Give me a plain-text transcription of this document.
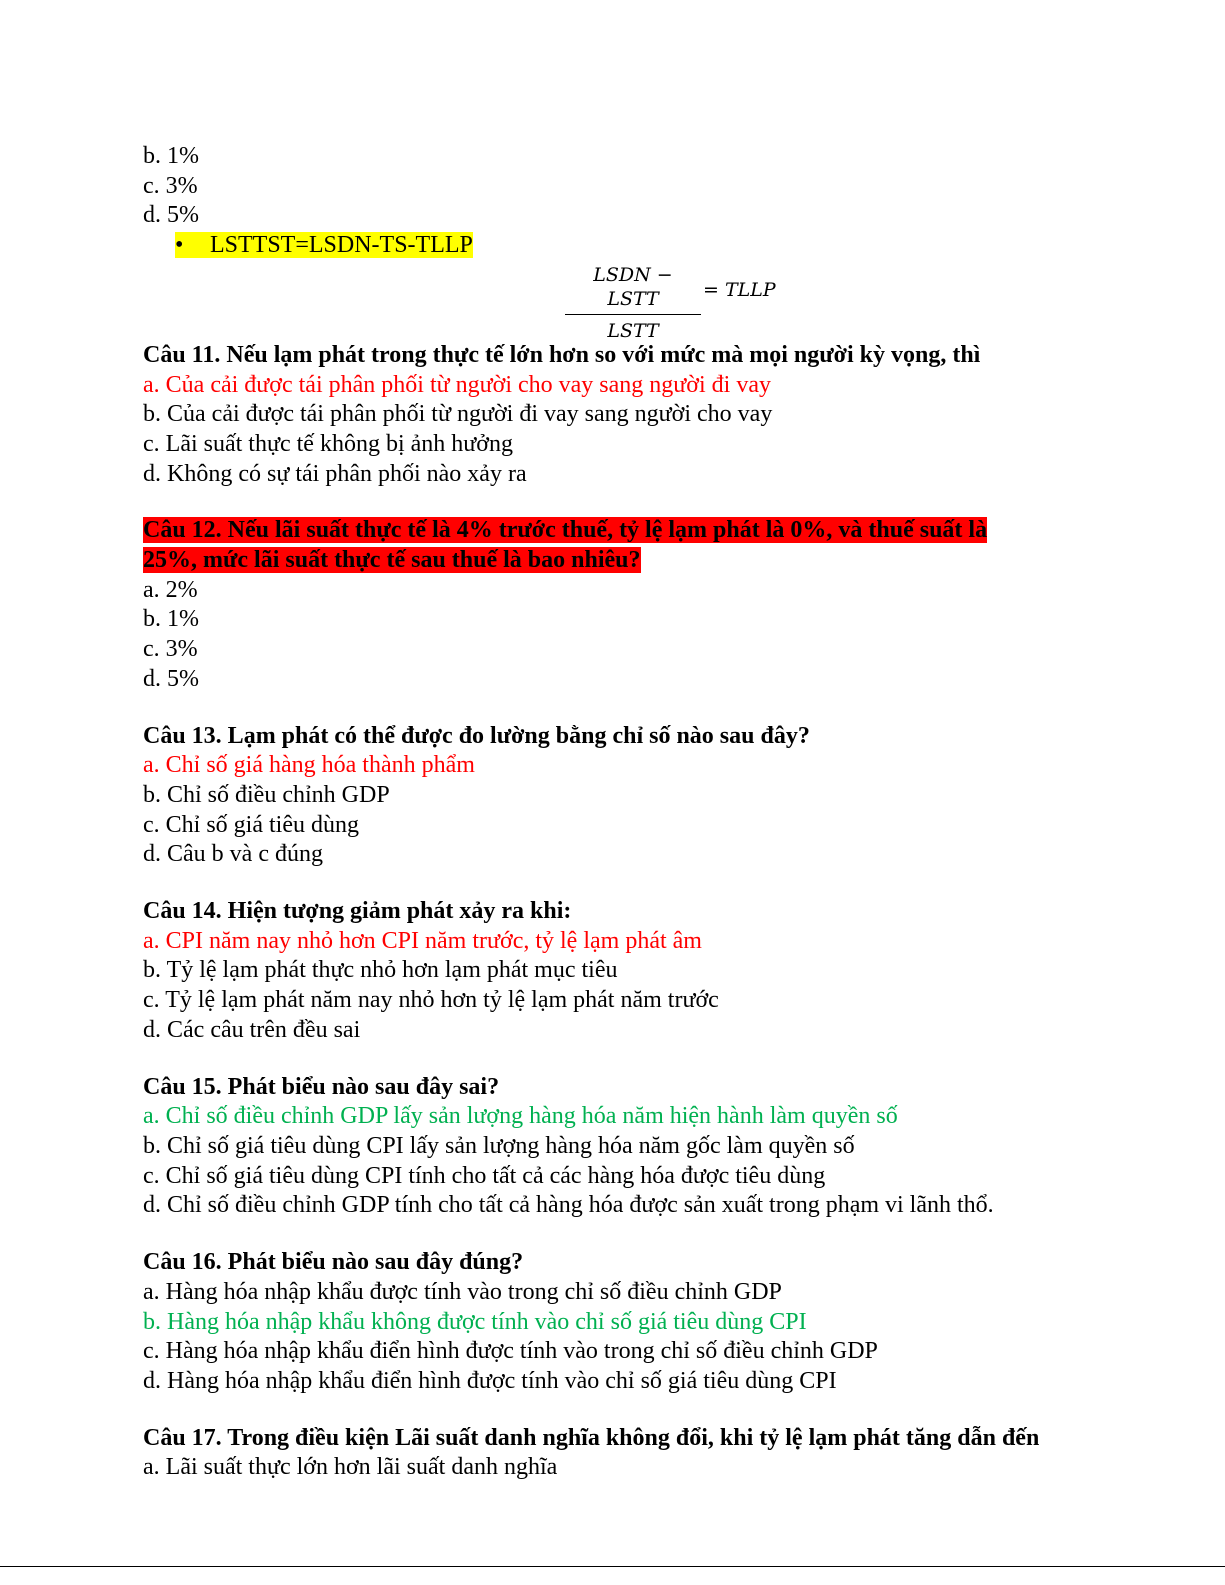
b. 1%
c. 3%
d. 5%
• LSTTST=LSDN-TS-TLLP
LSDN − LSTT
LSTT
= TLLP
Câu 11. Nếu lạm phát trong thực tế lớn hơn so với mức mà mọi người kỳ vọng, thì
a. Của cải được tái phân phối từ người cho vay sang người đi vay
b. Của cải được tái phân phối từ người đi vay sang người cho vay
c. Lãi suất thực tế không bị ảnh hưởng
d. Không có sự tái phân phối nào xảy ra
Câu 12. Nếu lãi suất thực tế là 4% trước thuế, tỷ lệ lạm phát là 0%, và thuế suất là
25%, mức lãi suất thực tế sau thuế là bao nhiêu?
a. 2%
b. 1%
c. 3%
d. 5%
Câu 13. Lạm phát có thể được đo lường bằng chỉ số nào sau đây?
a. Chỉ số giá hàng hóa thành phẩm
b. Chỉ số điều chỉnh GDP
c. Chỉ số giá tiêu dùng
d. Câu b và c đúng
Câu 14. Hiện tượng giảm phát xảy ra khi:
a. CPI năm nay nhỏ hơn CPI năm trước, tỷ lệ lạm phát âm
b. Tỷ lệ lạm phát thực nhỏ hơn lạm phát mục tiêu
c. Tỷ lệ lạm phát năm nay nhỏ hơn tỷ lệ lạm phát năm trước
d. Các câu trên đều sai
Câu 15. Phát biểu nào sau đây sai?
a. Chỉ số điều chỉnh GDP lấy sản lượng hàng hóa năm hiện hành làm quyền số
b. Chỉ số giá tiêu dùng CPI lấy sản lượng hàng hóa năm gốc làm quyền số
c. Chỉ số giá tiêu dùng CPI tính cho tất cả các hàng hóa được tiêu dùng
d. Chỉ số điều chỉnh GDP tính cho tất cả hàng hóa được sản xuất trong phạm vi lãnh thổ.
Câu 16. Phát biểu nào sau đây đúng?
a. Hàng hóa nhập khẩu được tính vào trong chỉ số điều chỉnh GDP
b. Hàng hóa nhập khẩu không được tính vào chỉ số giá tiêu dùng CPI
c. Hàng hóa nhập khẩu điển hình được tính vào trong chỉ số điều chỉnh GDP
d. Hàng hóa nhập khẩu điển hình được tính vào chỉ số giá tiêu dùng CPI
Câu 17. Trong điều kiện Lãi suất danh nghĩa không đổi, khi tỷ lệ lạm phát tăng dẫn đến
a. Lãi suất thực lớn hơn lãi suất danh nghĩa
